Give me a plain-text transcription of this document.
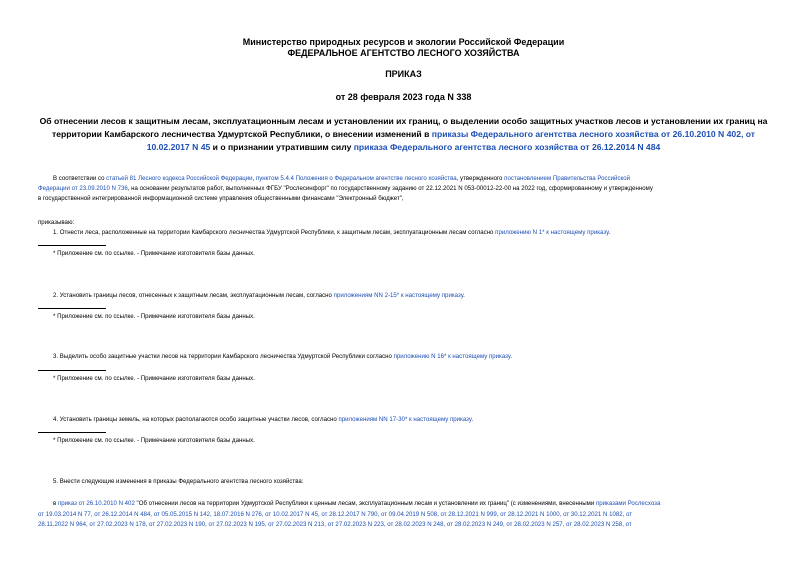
Министерство природных ресурсов и экологии Российской Федерации
ФЕДЕРАЛЬНОЕ АГЕНТСТВО ЛЕСНОГО ХОЗЯЙСТВА
ПРИКАЗ
от 28 февраля 2023 года N 338
Об отнесении лесов к защитным лесам, эксплуатационным лесам и установлении их границ, о выделении особо защитных участков лесов и установлении их границ на территории Камбарского лесничества Удмуртской Республики, о внесении изменений в приказы Федерального агентства лесного хозяйства от 26.10.2010 N 402, от 10.02.2017 N 45 и о признании утратившим силу приказа Федерального агентства лесного хозяйства от 26.12.2014 N 484
В соответствии со статьей 81 Лесного кодекса Российской Федерации, пунктом 5.4.4 Положения о Федеральном агентстве лесного хозяйства, утвержденного постановлением Правительства Российской
Федерации от 23.09.2010 N 736, на основании результатов работ, выполненных ФГБУ "Рослесинфорг" по государственному заданию от 22.12.2021 N 053-00012-22-00 на 2022 год, сформированному и утвержденному
в государственной интегрированной информационной системе управления общественными финансами "Электронный бюджет",
приказываю:
1. Отнести леса, расположенные на территории Камбарского лесничества Удмуртской Республики, к защитным лесам, эксплуатационным лесам согласно приложению N 1* к настоящему приказу.
* Приложение см. по ссылке. - Примечание изготовителя базы данных.
2. Установить границы лесов, отнесенных к защитным лесам, эксплуатационным лесам, согласно приложениям NN 2-15* к настоящему приказу.
* Приложение см. по ссылке. - Примечание изготовителя базы данных.
3. Выделить особо защитные участки лесов на территории Камбарского лесничества Удмуртской Республики согласно приложению N 16* к настоящему приказу.
* Приложение см. по ссылке. - Примечание изготовителя базы данных.
4. Установить границы земель, на которых располагаются особо защитные участки лесов, согласно приложениям NN 17-30* к настоящему приказу.
* Приложение см. по ссылке. - Примечание изготовителя базы данных.
5. Внести следующие изменения в приказы Федерального агентства лесного хозяйства:
в приказ от 26.10.2010 N 402 "Об отнесении лесов на территории Удмуртской Республики к ценным лесам, эксплуатационным лесам и установлении их границ" (с изменениями, внесенными приказами Рослесхоза
от 19.03.2014 N 77, от 26.12.2014 N 484, от 05.05.2015 N 142, 18.07.2016 N 276, от 10.02.2017 N 45, от 28.12.2017 N 790, от 09.04.2019 N 508, от 28.12.2021 N 999, от 28.12.2021 N 1000, от 30.12.2021 N 1082, от
28.11.2022 N 964, от 27.02.2023 N 178, от 27.02.2023 N 190, от 27.02.2023 N 195, от 27.02.2023 N 213, от 27.02.2023 N 223, от 28.02.2023 N 248, от 28.02.2023 N 249, от 28.02.2023 N 257, от 28.02.2023 N 258, от
